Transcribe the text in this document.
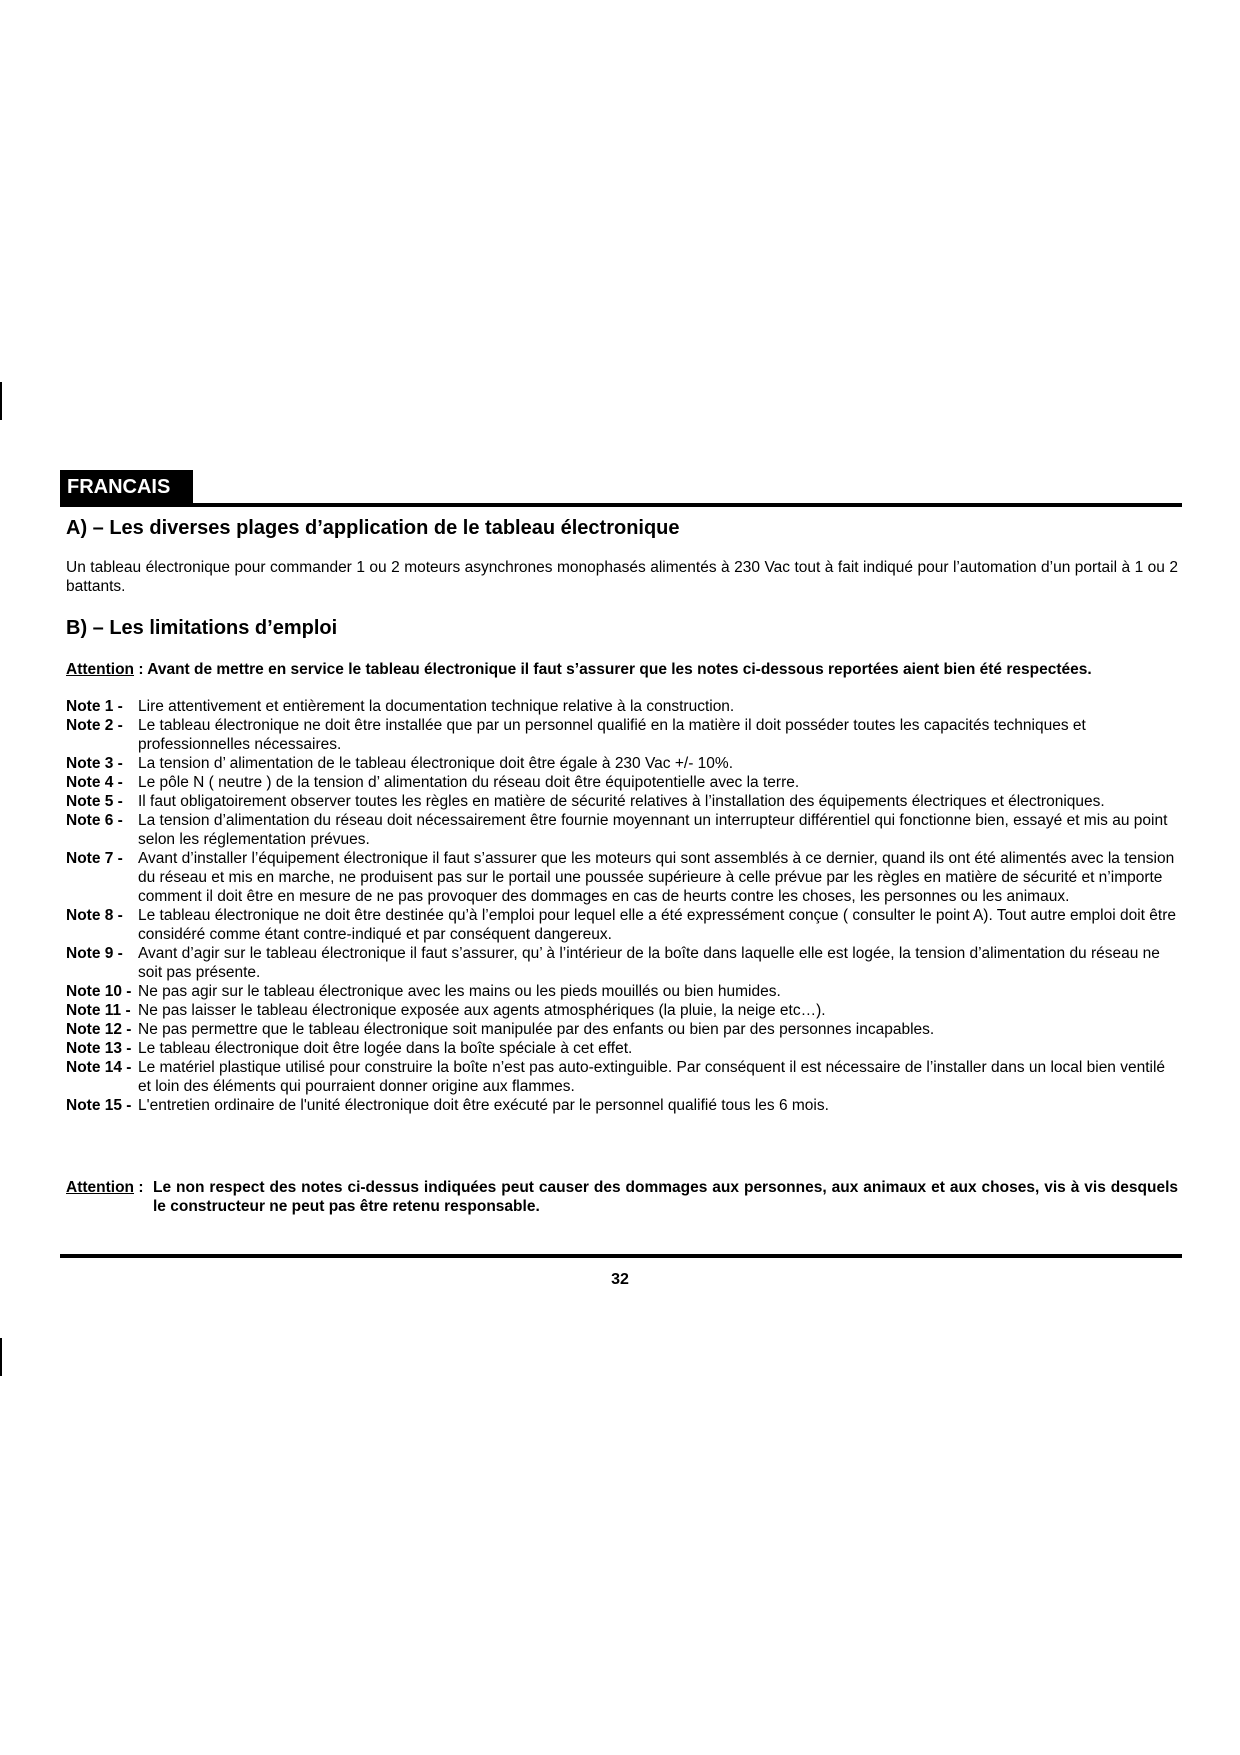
FRANCAIS
A) – Les diverses plages d’application de le tableau électronique
Un tableau électronique pour commander 1 ou 2 moteurs asynchrones monophasés alimentés à 230 Vac tout à fait indiqué pour l’automation d’un portail à 1 ou 2 battants.
B) – Les limitations d’emploi
Attention : Avant de mettre en service le tableau électronique il faut s’assurer que les notes ci-dessous reportées aient bien été respectées.
Note 1 - Lire attentivement et entièrement la documentation technique relative à la construction.
Note 2 - Le tableau électronique ne doit être installée que par un personnel qualifié en la matière il doit posséder toutes les capacités techniques et professionnelles nécessaires.
Note 3 - La tension d’ alimentation de le tableau électronique doit être égale à 230 Vac +/- 10%.
Note 4 - Le pôle N ( neutre ) de la tension d’ alimentation du réseau doit être équipotentielle avec la terre.
Note 5 - Il faut obligatoirement observer toutes les règles en matière de sécurité relatives à l’installation des équipements électriques et électroniques.
Note 6 - La tension d’alimentation du réseau doit nécessairement être fournie moyennant un interrupteur différentiel qui fonctionne bien, essayé et mis au point selon les réglementation prévues.
Note 7 - Avant d’installer l’équipement électronique il faut s’assurer que les moteurs qui sont assemblés à ce dernier, quand ils ont été alimentés avec la tension du réseau et mis en marche, ne produisent pas sur le portail une poussée supérieure à celle prévue par les règles en matière de sécurité et n’importe comment il doit être en mesure de ne pas provoquer des dommages en cas de heurts contre les choses, les personnes ou les animaux.
Note 8 - Le tableau électronique ne doit être destinée qu’à l’emploi pour lequel elle a été expressément conçue ( consulter le point A). Tout autre emploi doit être considéré comme étant contre-indiqué et par conséquent dangereux.
Note 9 - Avant d’agir sur le tableau électronique il faut s’assurer, qu’ à l’intérieur de la boîte dans laquelle elle est logée, la tension d’alimentation du réseau ne soit pas présente.
Note 10 - Ne pas agir sur le tableau électronique avec les mains ou les pieds mouillés ou bien humides.
Note 11 - Ne pas laisser le tableau électronique exposée aux agents atmosphériques (la pluie, la neige etc…).
Note 12 - Ne pas permettre que le tableau électronique soit manipulée par des enfants ou bien par des personnes incapables.
Note 13 - Le tableau électronique doit être logée dans la boîte spéciale à cet effet.
Note 14 - Le matériel plastique utilisé pour construire la boîte n’est pas auto-extinguible. Par conséquent il est nécessaire de l’installer dans un local bien ventilé et loin des éléments qui pourraient donner origine aux flammes.
Note 15 - L'entretien ordinaire de l'unité électronique doit être exécuté par le personnel qualifié tous les 6 mois.
Attention : Le non respect des notes ci-dessus indiquées peut causer des dommages aux personnes, aux animaux et aux choses, vis à vis desquels le constructeur ne peut pas être retenu responsable.
32
